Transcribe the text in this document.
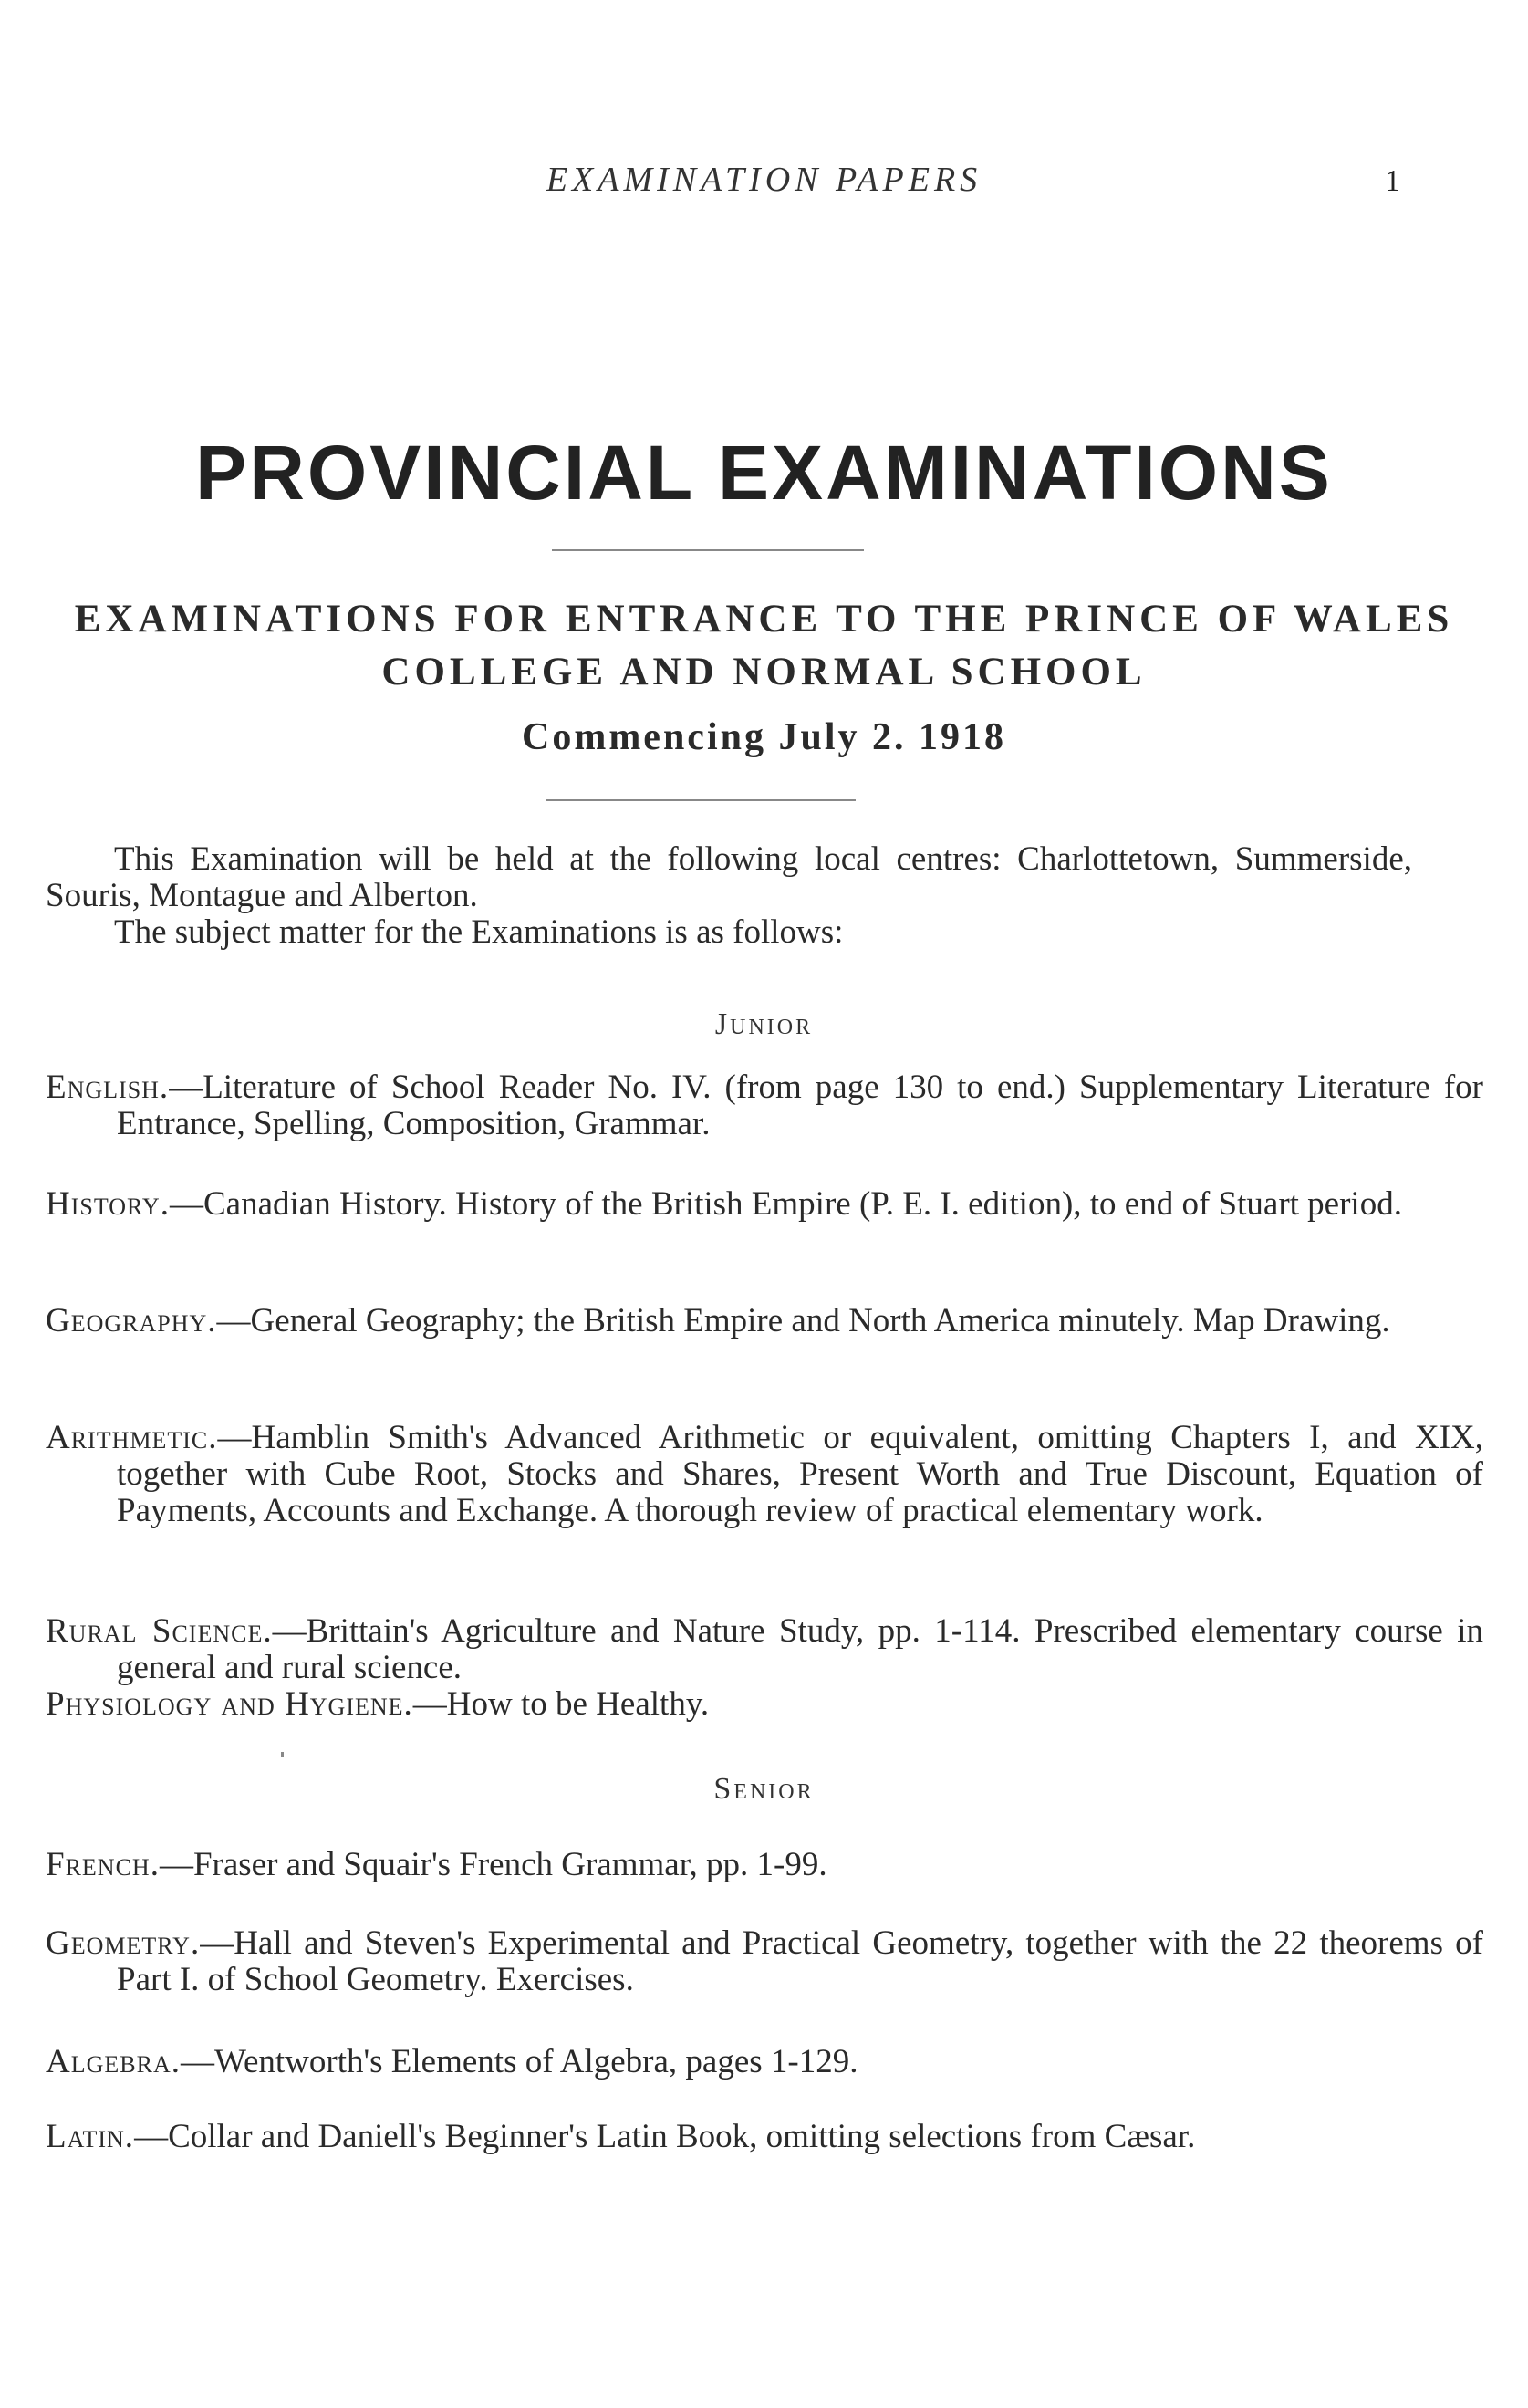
EXAMINATION PAPERS	1
PROVINCIAL EXAMINATIONS
EXAMINATIONS FOR ENTRANCE TO THE PRINCE OF WALES COLLEGE AND NORMAL SCHOOL
Commencing July 2. 1918

This Examination will be held at the following local centres: Charlottetown, Summerside, Souris, Montague and Alberton.

The subject matter for the Examinations is as follows:

Junior
English.—Literature of School Reader No. IV. (from page 130 to end.) Supplementary Literature for Entrance, Spelling, Composition, Grammar.
History.—Canadian History. History of the British Empire (P. E. I. edition), to end of Stuart period.
Geography.—General Geography; the British Empire and North America minutely. Map Drawing.
Arithmetic.—Hamblin Smith's Advanced Arithmetic or equivalent, omitting Chapters I, and XIX, together with Cube Root, Stocks and Shares, Present Worth and True Discount, Equation of Payments, Accounts and Exchange. A thorough review of practical elementary work.
Rural Science.—Brittain's Agriculture and Nature Study, pp. 1-114. Prescribed elementary course in general and rural science.
Physiology and Hygiene.—How to be Healthy.
Senior
French.—Fraser and Squair's French Grammar, pp. 1-99.
Geometry.—Hall and Steven's Experimental and Practical Geometry, together with the 22 theorems of Part I. of School Geometry. Exercises.
Algebra.—Wentworth's Elements of Algebra, pages 1-129.
Latin.—Collar and Daniell's Beginner's Latin Book, omitting selections from Cæsar.
